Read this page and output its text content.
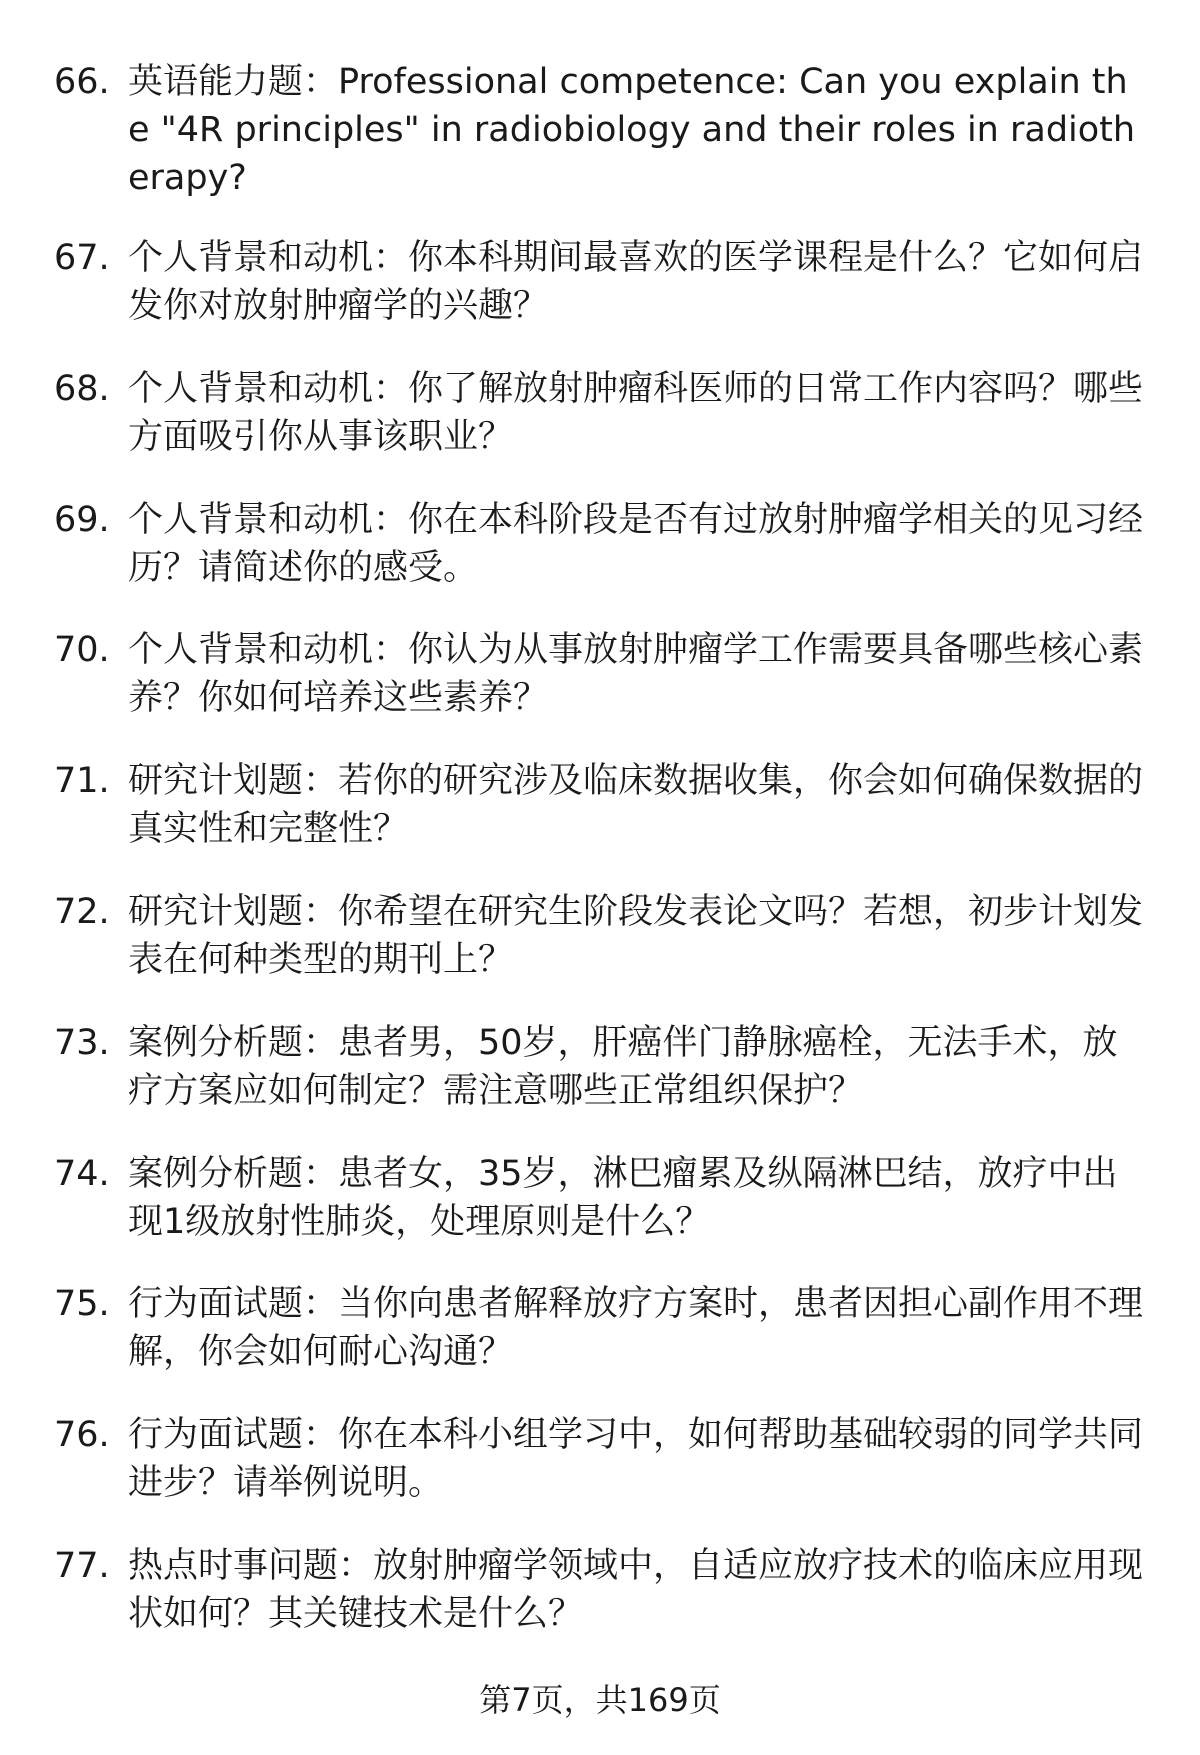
66. 英语能力题：Professional competence: Can you explain the "4R principles" in radiobiology and their roles in radiotherapy?
67. 个人背景和动机：你本科期间最喜欢的医学课程是什么？它如何启发你对放射肿瘤学的兴趣？
68. 个人背景和动机：你了解放射肿瘤科医师的日常工作内容吗？哪些方面吸引你从事该职业？
69. 个人背景和动机：你在本科阶段是否有过放射肿瘤学相关的见习经历？请简述你的感受。
70. 个人背景和动机：你认为从事放射肿瘤学工作需要具备哪些核心素养？你如何培养这些素养？
71. 研究计划题：若你的研究涉及临床数据收集，你会如何确保数据的真实性和完整性？
72. 研究计划题：你希望在研究生阶段发表论文吗？若想，初步计划发表在何种类型的期刊上？
73. 案例分析题：患者男，50岁，肝癌伴门静脉癌栓，无法手术，放疗方案应如何制定？需注意哪些正常组织保护？
74. 案例分析题：患者女，35岁，淋巴瘤累及纵隔淋巴结，放疗中出现1级放射性肺炎，处理原则是什么？
75. 行为面试题：当你向患者解释放疗方案时，患者因担心副作用不理解，你会如何耐心沟通？
76. 行为面试题：你在本科小组学习中，如何帮助基础较弱的同学共同进步？请举例说明。
77. 热点时事问题：放射肿瘤学领域中，自适应放疗技术的临床应用现状如何？其关键技术是什么？
第7页，共169页
